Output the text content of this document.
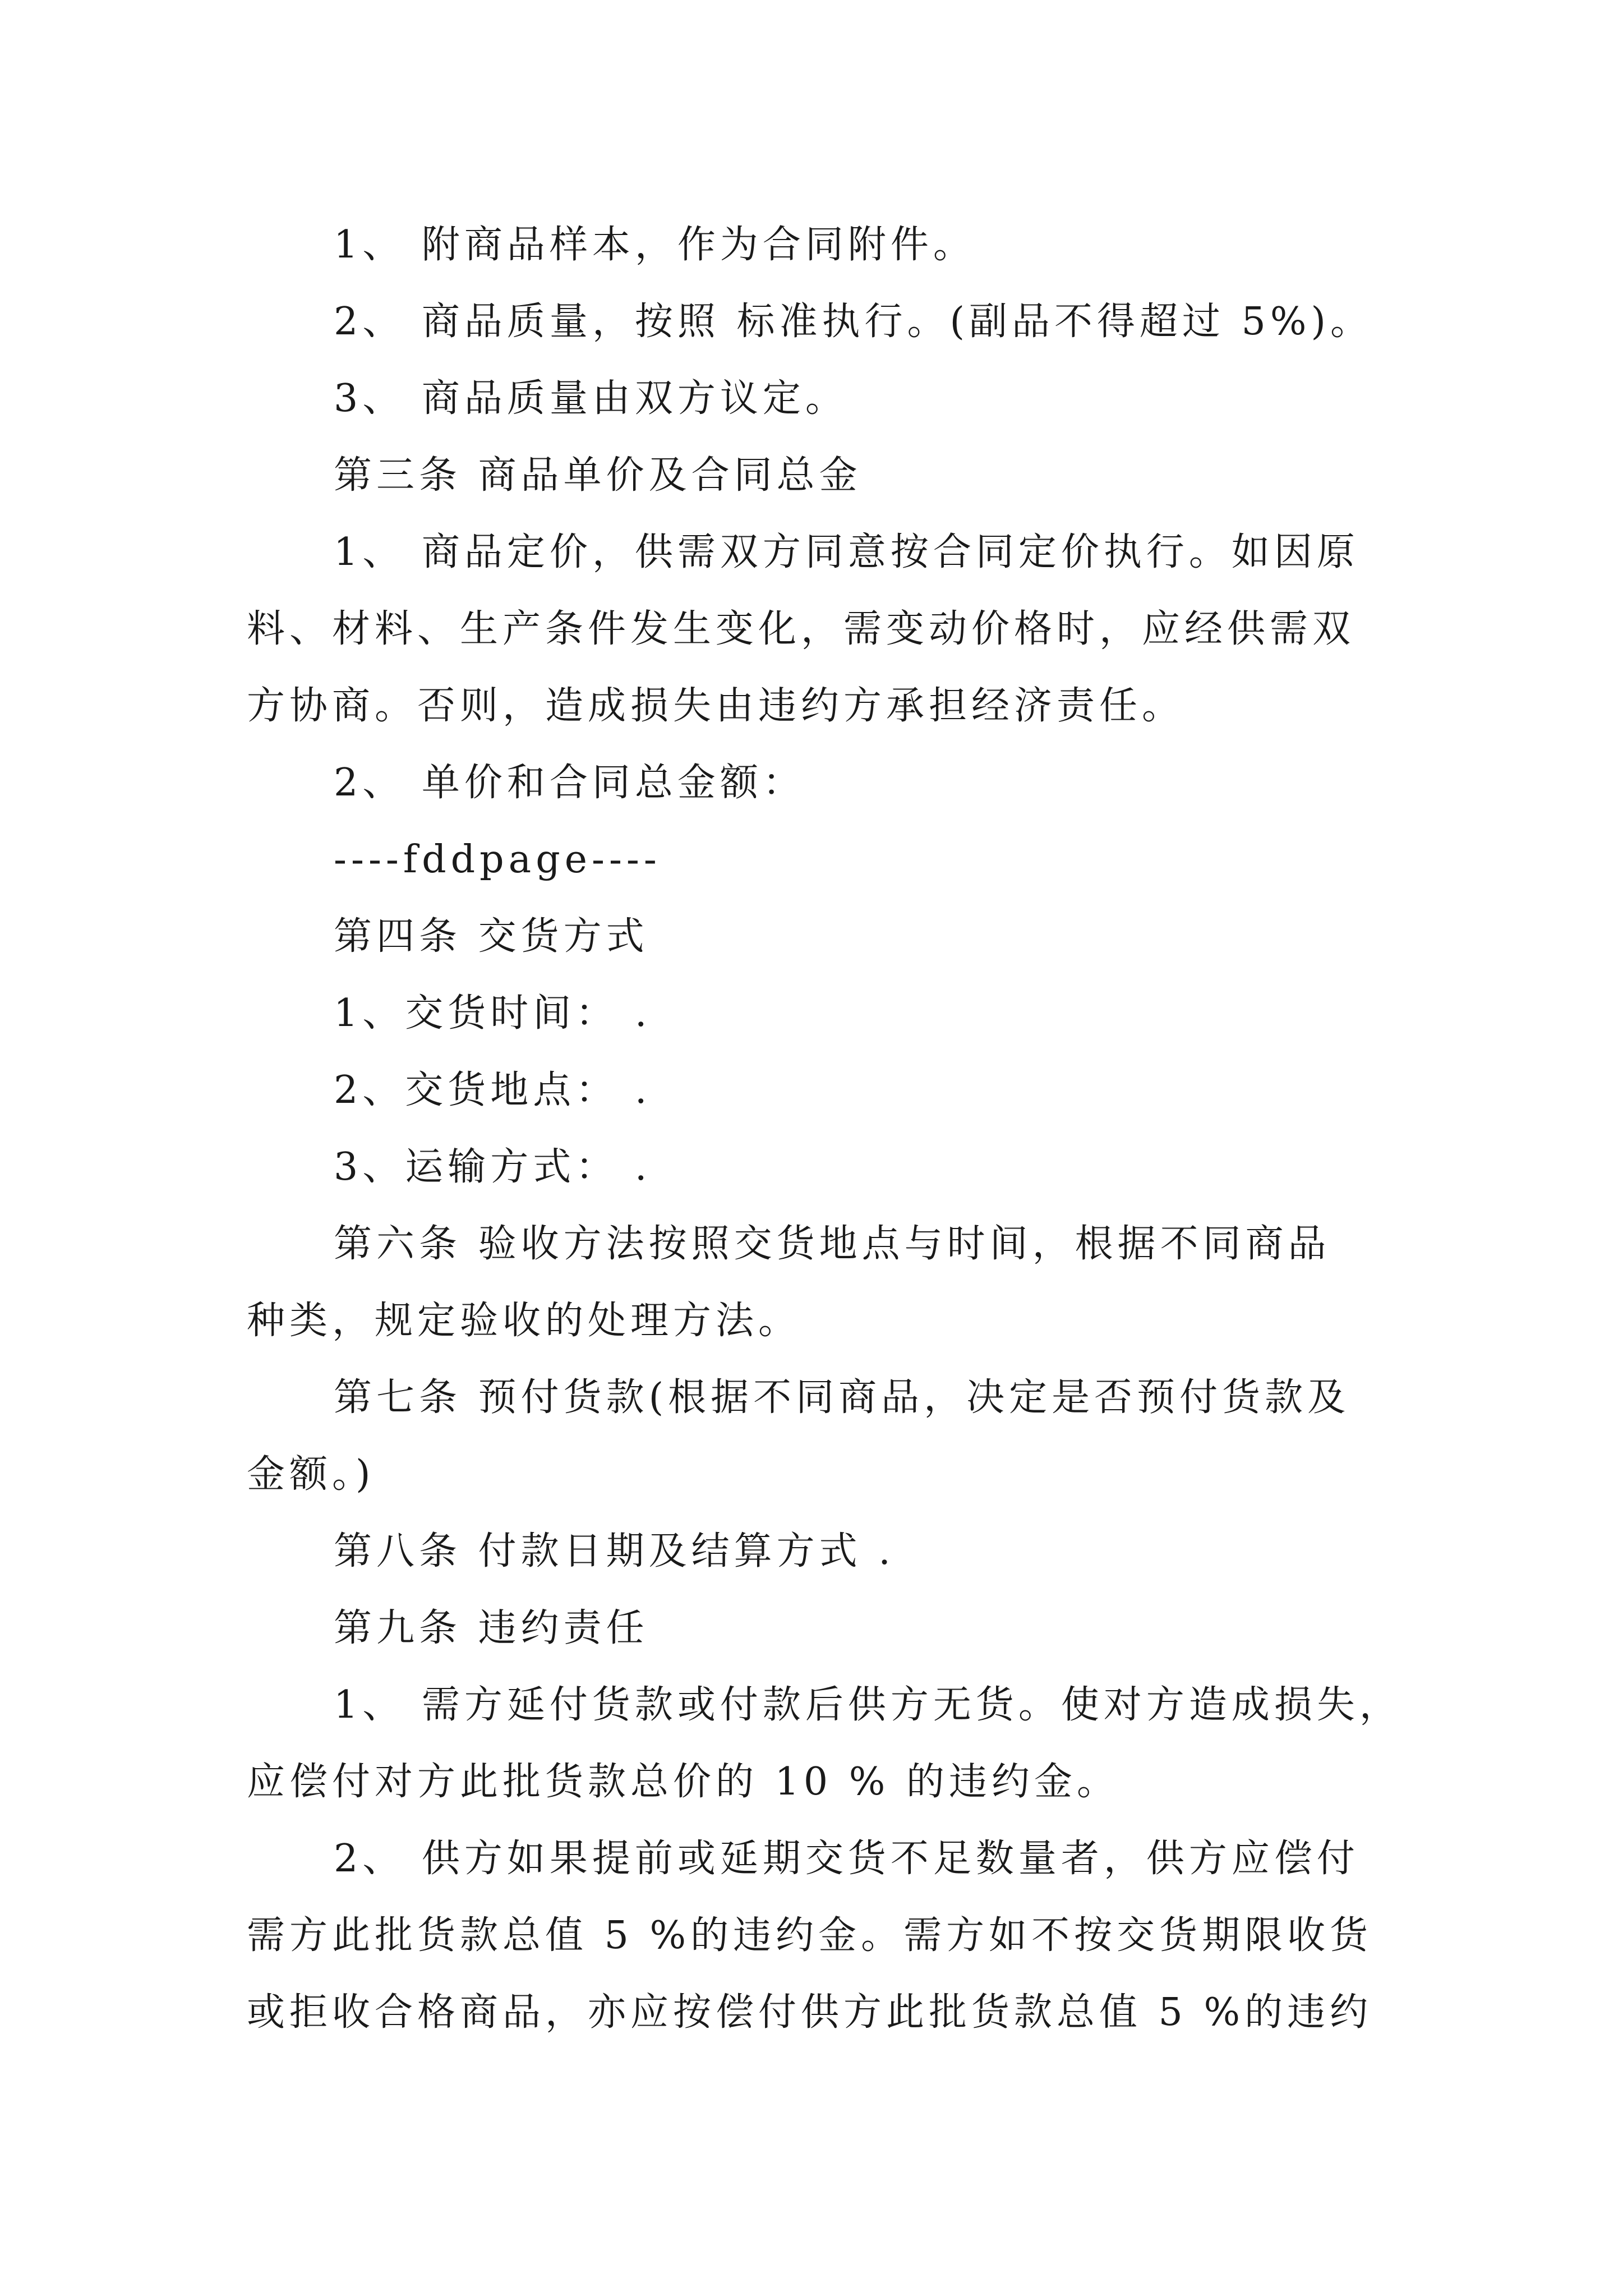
1、 附商品样本，作为合同附件。
2、 商品质量，按照 标准执行。(副品不得超过 5%)。
3、 商品质量由双方议定。
第三条 商品单价及合同总金
1、 商品定价，供需双方同意按合同定价执行。如因原
料、材料、生产条件发生变化，需变动价格时，应经供需双
方协商。否则，造成损失由违约方承担经济责任。
2、 单价和合同总金额：
----fddpage----
第四条 交货方式
1、交货时间： .
2、交货地点： .
3、运输方式： .
第六条 验收方法按照交货地点与时间，根据不同商品
种类，规定验收的处理方法。
第七条 预付货款(根据不同商品，决定是否预付货款及
金额。)
第八条 付款日期及结算方式 .
第九条 违约责任
1、 需方延付货款或付款后供方无货。使对方造成损失，
应偿付对方此批货款总价的 10 % 的违约金。
2、 供方如果提前或延期交货不足数量者，供方应偿付
需方此批货款总值 5 %的违约金。需方如不按交货期限收货
或拒收合格商品，亦应按偿付供方此批货款总值 5 %的违约
